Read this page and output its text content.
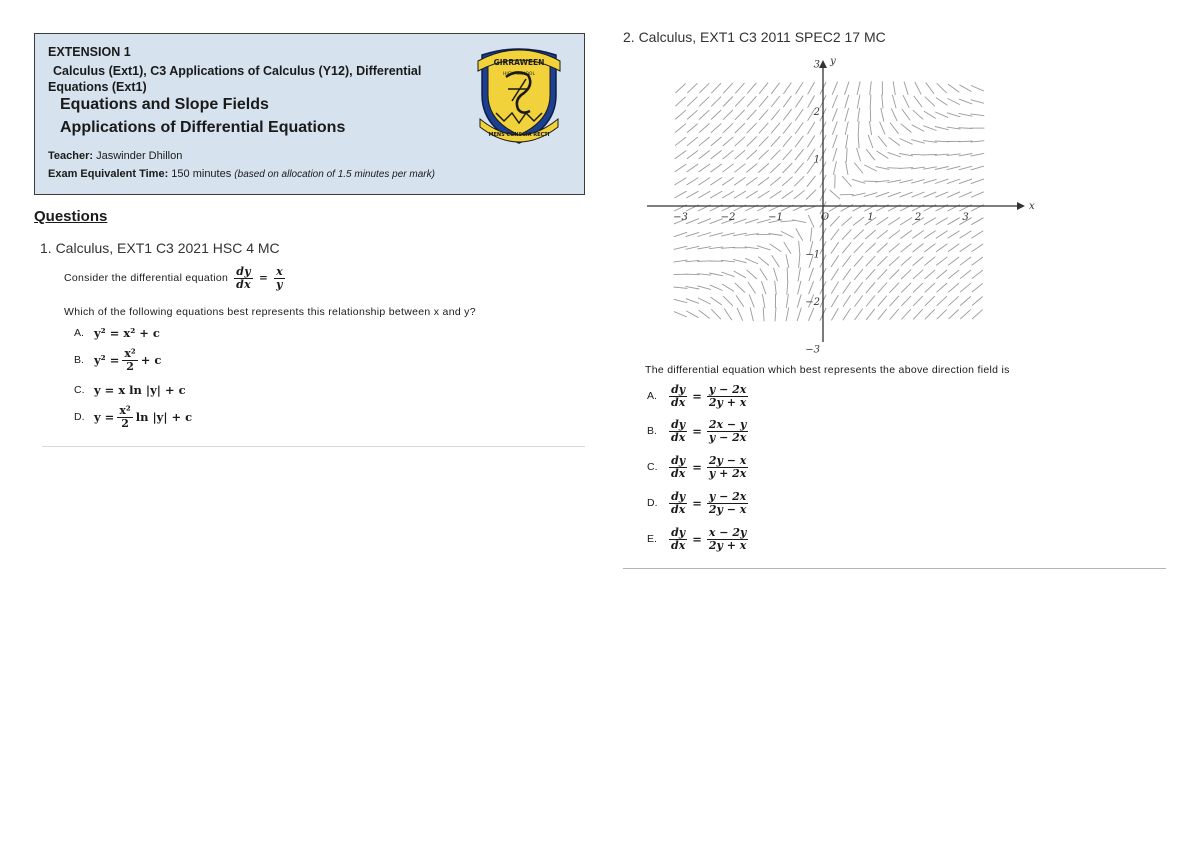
EXTENSION 1
Calculus (Ext1), C3 Applications of Calculus (Y12), Differential Equations (Ext1)
Equations and Slope Fields
Applications of Differential Equations
Teacher: Jaswinder Dhillon
Exam Equivalent Time: 150 minutes (based on allocation of 1.5 minutes per mark)
GIRRAWEEN
HIGH SCHOOL
MENS CONSCIA RECTI
Questions
1. Calculus, EXT1 C3 2021 HSC 4 MC
Consider the differential equation $\frac{dy}{dx} = \frac{x}{y}$
Which of the following equations best represents this relationship between x and y?
A. y² = x² + c
B. $y^2 = \frac{\text{x²}}{2} + c$
C. y = x ln |y| + c
D. $y = \frac{\text{x²}}{2}$ ln |y| + c
2. Calculus, EXT1 C3 2011 SPEC2 17 MC
x
y
O
−3	−2	−1	1	2	3
3
2
1
−1
−2
−3
The differential equation which best represents the above direction field is
A.	$\frac{dy}{dx} = \frac{y - 2x}{2y + x}$
B.	$\frac{dy}{dx} = \frac{2x - y}{y - 2x}$
C.	$\frac{dy}{dx} = \frac{2y - x}{y + 2x}$
D.	$\frac{dy}{dx} = \frac{y - 2x}{2y - x}$
E.	$\frac{dy}{dx} = \frac{x - 2y}{2y + x}$
